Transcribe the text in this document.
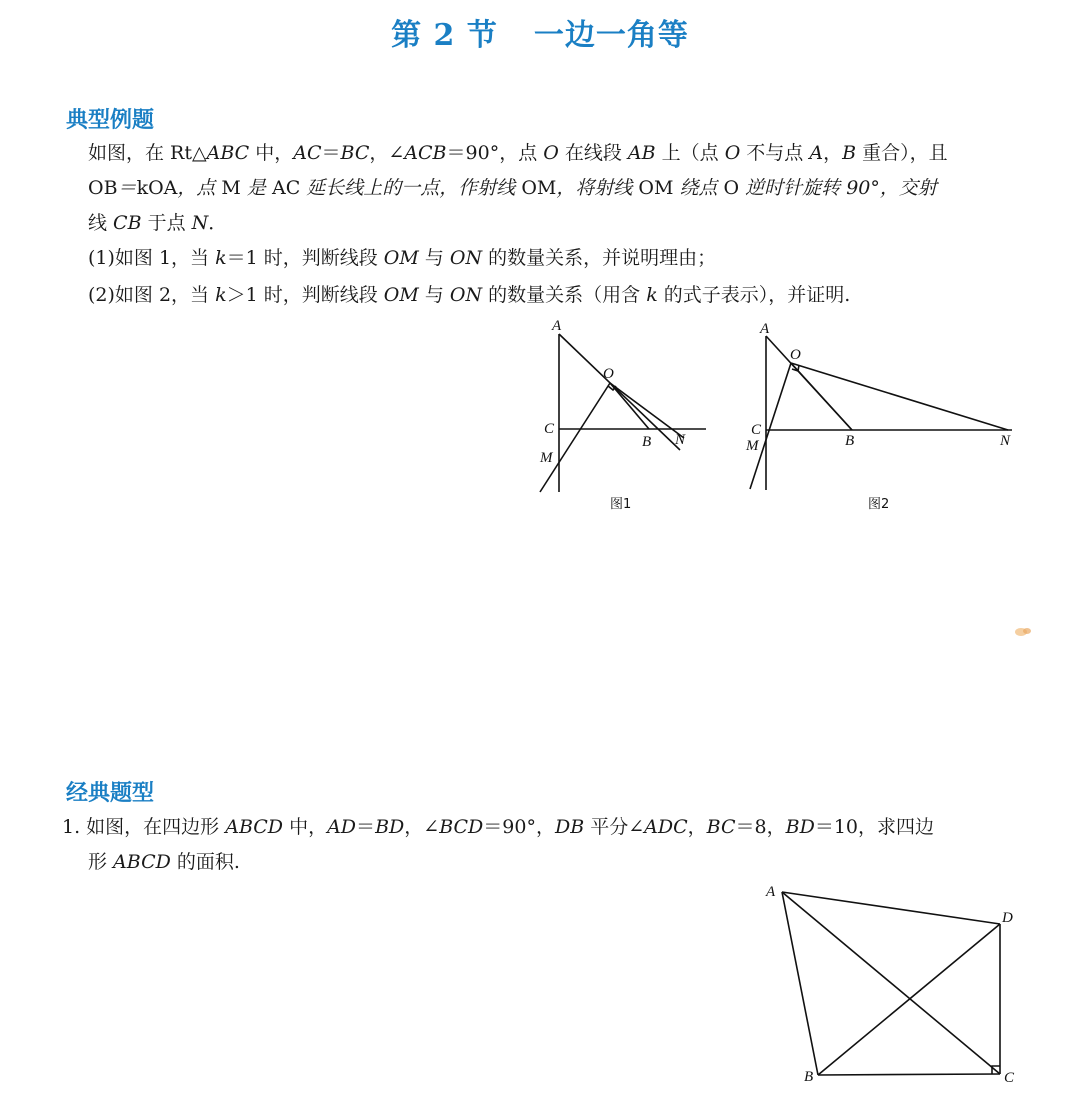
第 2 节 一边一角等
典型例题
如图，在 Rt△ABC 中，AC＝BC，∠ACB＝90°，点 O 在线段 AB 上（点 O 不与点 A，B 重合），且
OB＝kOA，点 M 是 AC 延长线上的一点，作射线 OM，将射线 OM 绕点 O 逆时针旋转 90°，交射
线 CB 于点 N．
(1)如图 1，当 k＝1 时，判断线段 OM 与 ON 的数量关系，并说明理由；
(2)如图 2，当 k＞1 时，判断线段 OM 与 ON 的数量关系（用含 k 的式子表示），并证明.
A
O
C
B N
M
图1
A
O
C
M	B	N
图2
经典题型
1. 如图，在四边形 ABCD 中，AD＝BD，∠BCD＝90°，DB 平分∠ADC，BC＝8，BD＝10，求四边
形 ABCD 的面积.
A
D
B	C
